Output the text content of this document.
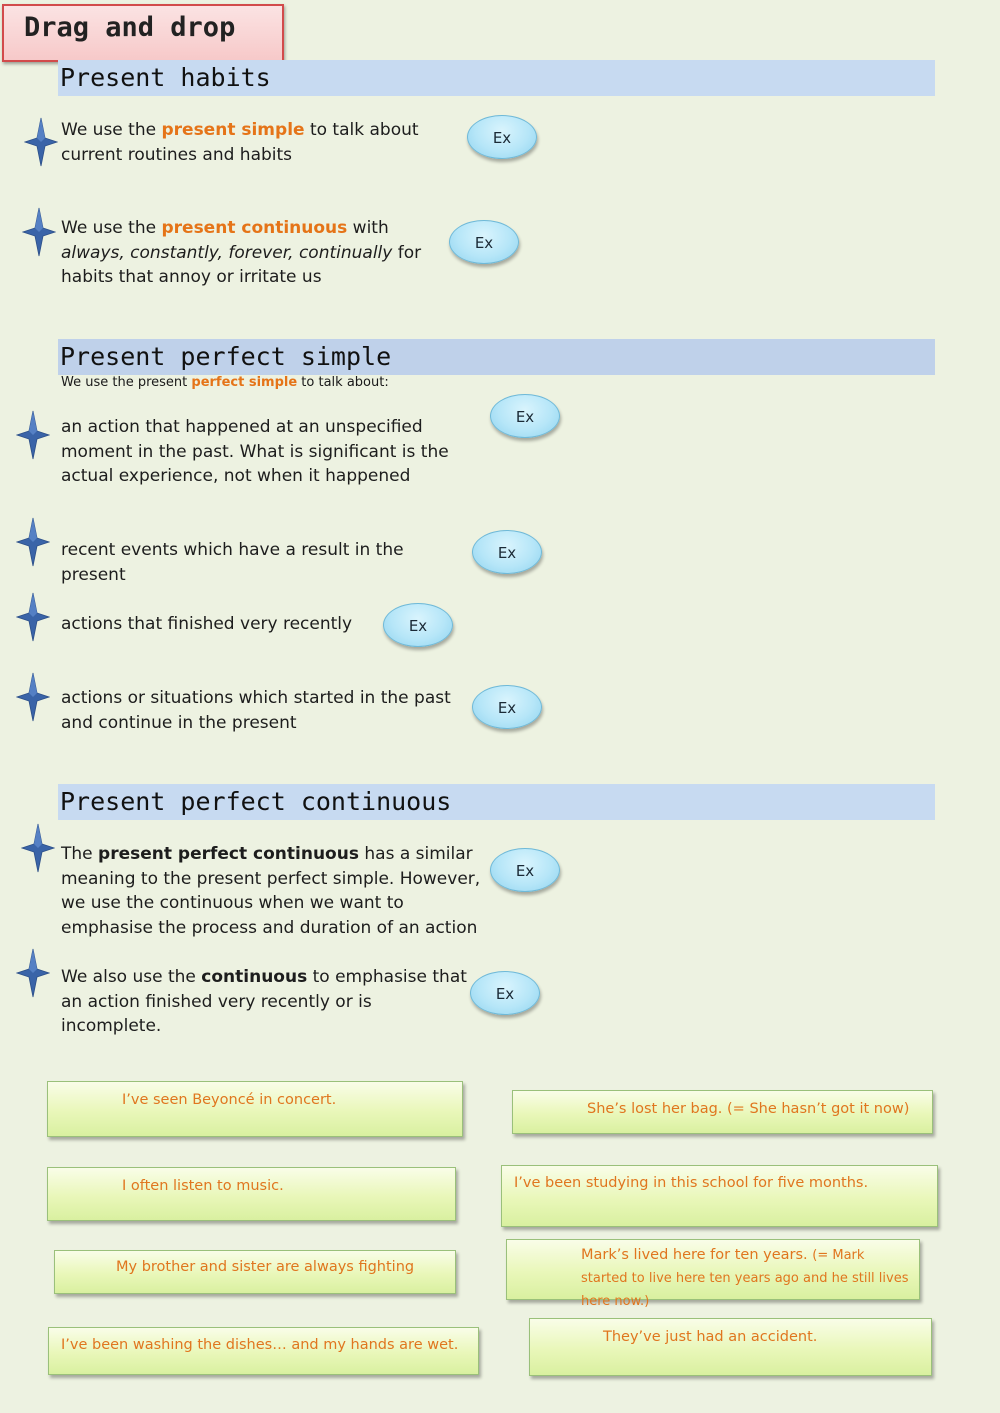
Drag and drop
Present habits
We use the present simple to talk about current routines and habits
Ex
We use the present continuous with always, constantly, forever, continually for habits that annoy or irritate us
Ex
Present perfect simple
We use the present perfect simple to talk about:
an action that happened at an unspecified moment in the past. What is significant is the actual experience, not when it happened
Ex
recent events which have a result in the present
Ex
actions that finished very recently	Ex
actions or situations which started in the past and continue in the present
Ex
Present perfect continuous
The present perfect continuous has a similar meaning to the present perfect simple. However, we use the continuous when we want to emphasise the process and duration of an action
Ex
We also use the continuous to emphasise that an action finished very recently or is incomplete.
Ex
I’ve seen Beyoncé in concert.
She’s lost her bag. (= She hasn’t got it now)
I often listen to music.	I’ve been studying in this school for five months.
My brother and sister are always fighting
Mark’s lived here for ten years. (= Mark started to live here ten years ago and he still lives here now.)
I’ve been washing the dishes… and my hands are wet.	They’ve just had an accident.
